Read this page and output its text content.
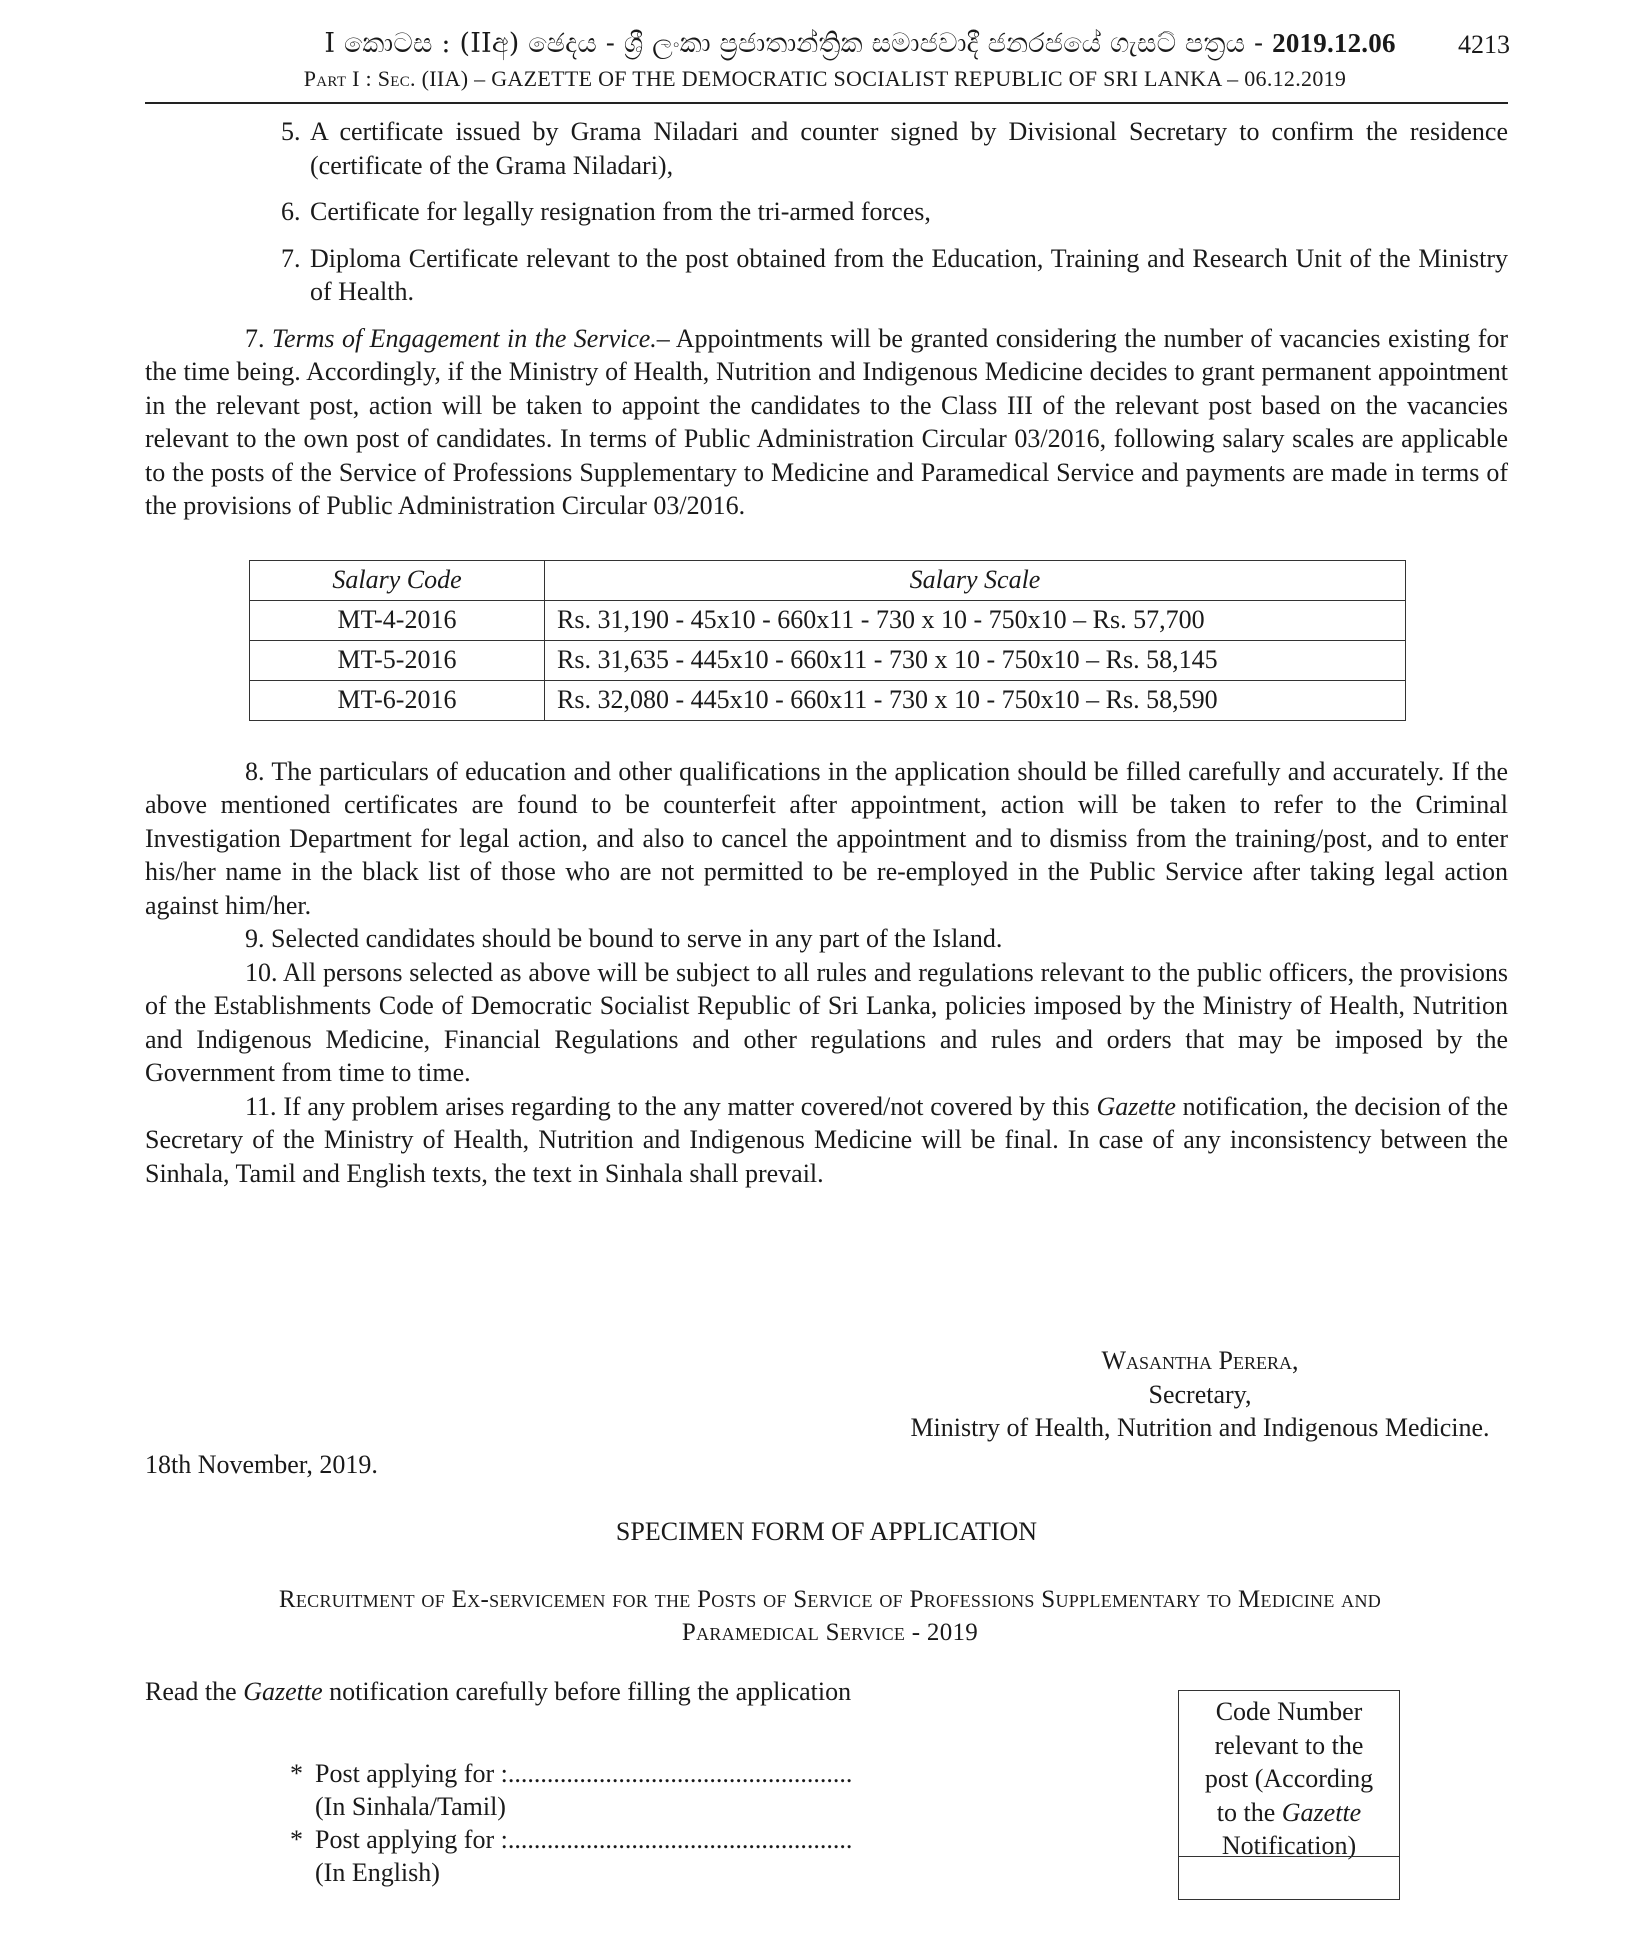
I කොටස : (IIඅ) ඡෙදය - ශ්‍රී ලංකා ප්‍රජාතාන්ත්‍රික සමාජවාදී ජනරජයේ ගැසට් පත්‍රය - 2019.12.06	4213
Part I : Sec. (IIA) – GAZETTE OF THE DEMOCRATIC SOCIALIST REPUBLIC OF SRI LANKA – 06.12.2019
5. A certificate issued by Grama Niladari and counter signed by Divisional Secretary to confirm the residence (certificate of the Grama Niladari),
6. Certificate for legally resignation from the tri-armed forces,
7. Diploma Certificate relevant to the post obtained from the Education, Training and Research Unit of the Ministry of Health.

7. Terms of Engagement in the Service.– Appointments will be granted considering the number of vacancies existing for the time being. Accordingly, if the Ministry of Health, Nutrition and Indigenous Medicine decides to grant permanent appointment in the relevant post, action will be taken to appoint the candidates to the Class III of the relevant post based on the vacancies relevant to the own post of candidates. In terms of Public Administration Circular 03/2016, following salary scales are applicable to the posts of the Service of Professions Supplementary to Medicine and Paramedical Service and payments are made in terms of the provisions of Public Administration Circular 03/2016.

Salary Code	Salary Scale
MT-4-2016	Rs. 31,190 - 45x10 - 660x11 - 730 x 10 - 750x10 – Rs. 57,700
MT-5-2016	Rs. 31,635 - 445x10 - 660x11 - 730 x 10 - 750x10 – Rs. 58,145
MT-6-2016	Rs. 32,080 - 445x10 - 660x11 - 730 x 10 - 750x10 – Rs. 58,590

8. The particulars of education and other qualifications in the application should be filled carefully and accurately. If the above mentioned certificates are found to be counterfeit after appointment, action will be taken to refer to the Criminal Investigation Department for legal action, and also to cancel the appointment and to dismiss from the training/post, and to enter his/her name in the black list of those who are not permitted to be re-employed in the Public Service after taking legal action against him/her.

9. Selected candidates should be bound to serve in any part of the Island.

10. All persons selected as above will be subject to all rules and regulations relevant to the public officers, the provisions of the Establishments Code of Democratic Socialist Republic of Sri Lanka, policies imposed by the Ministry of Health, Nutrition and Indigenous Medicine, Financial Regulations and other regulations and rules and orders that may be imposed by the Government from time to time.

11. If any problem arises regarding to the any matter covered/not covered by this Gazette notification, the decision of the Secretary of the Ministry of Health, Nutrition and Indigenous Medicine will be final. In case of any inconsistency between the Sinhala, Tamil and English texts, the text in Sinhala shall prevail.

Wasantha Perera,
Secretary,
Ministry of Health, Nutrition and Indigenous Medicine.
18th November, 2019.
SPECIMEN FORM OF APPLICATION
Recruitment of Ex-servicemen for the Posts of Service of Professions Supplementary to Medicine and
Paramedical Service - 2019
Read the Gazette notification carefully before filling the application
* Post applying for :.....................................................
(In Sinhala/Tamil)
* Post applying for :.....................................................
(In English)
Code Number
relevant to the
post (According
to the Gazette
Notification)
